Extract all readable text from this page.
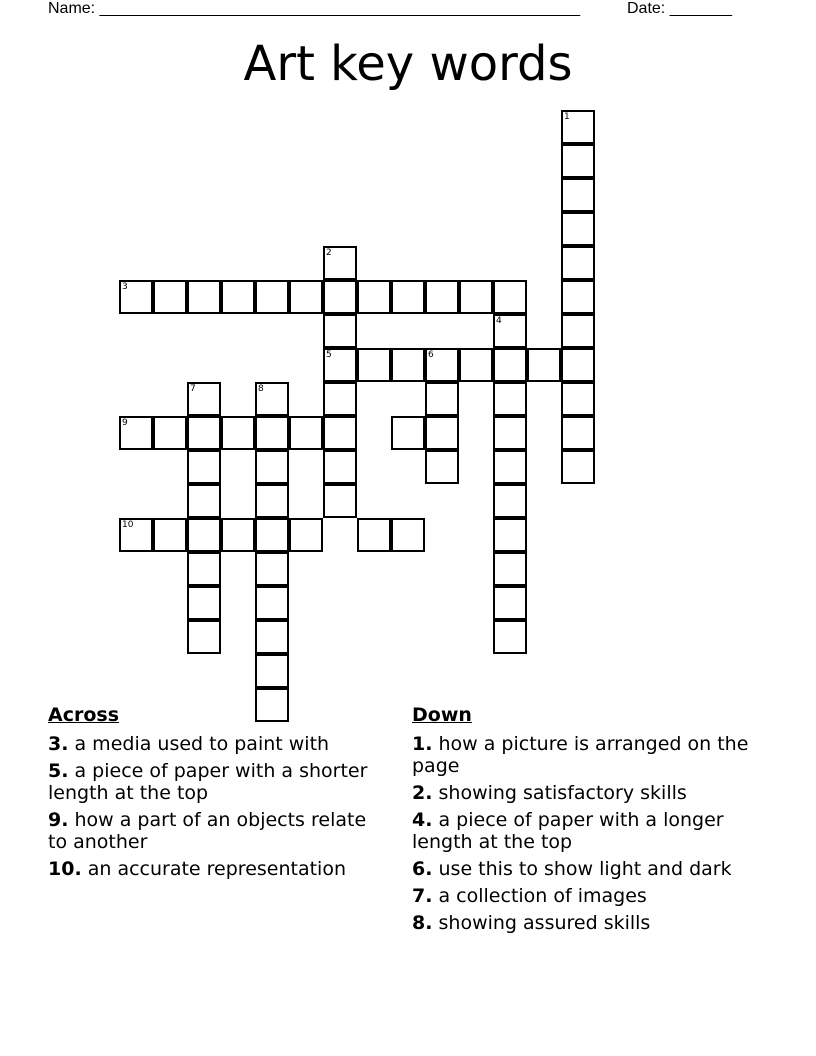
Name: ______________________________________________________	Date: _______
Art key words
1
2
5
3
4
6
7	8
9
10
Across
3. a media used to paint with
5. a piece of paper with a shorter length at the top
9. how a part of an objects relate to another
10. an accurate representation
Down
1. how a picture is arranged on the page
2. showing satisfactory skills
4. a piece of paper with a longer length at the top
6. use this to show light and dark
7. a collection of images
8. showing assured skills
